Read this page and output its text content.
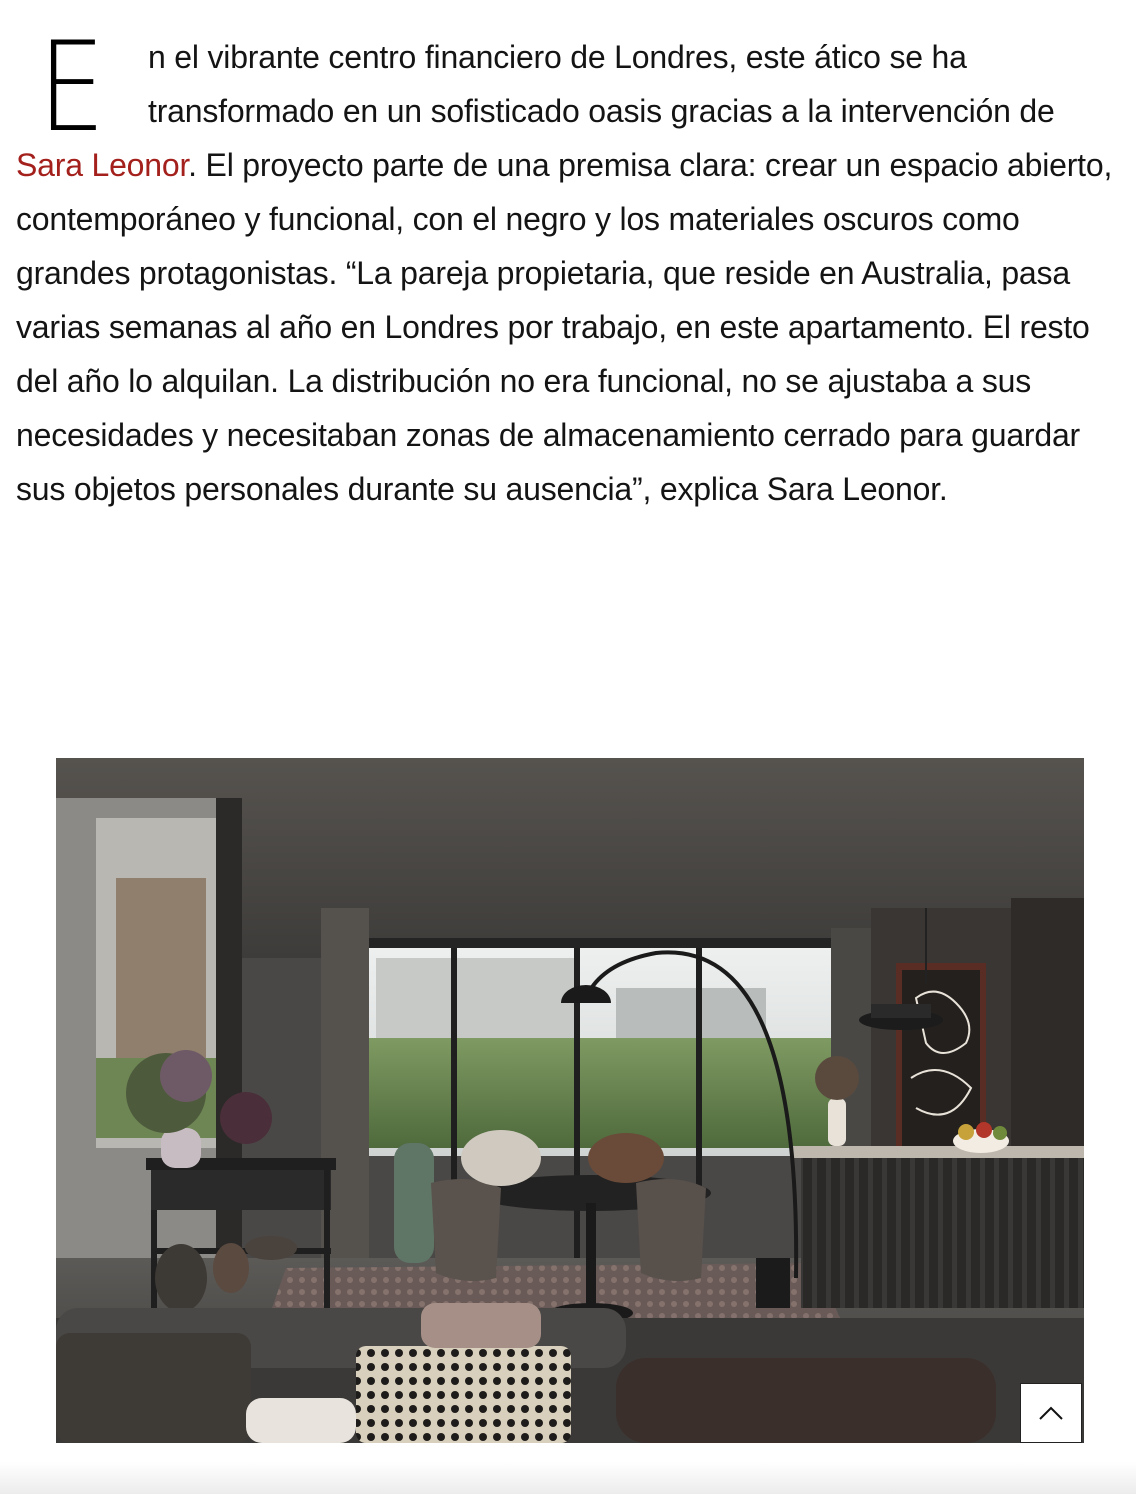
E	n el vibrante centro financiero de Londres, este ático se ha transformado en un sofisticado oasis gracias a la intervención de Sara Leonor. El proyecto parte de una premisa clara: crear un espacio abierto, contemporáneo y funcional, con el negro y los materiales oscuros como grandes protagonistas. “La pareja propietaria, que reside en Australia, pasa varias semanas al año en Londres por trabajo, en este apartamento. El resto del año lo alquilan. La distribución no era funcional, no se ajustaba a sus necesidades y necesitaban zonas de almacenamiento cerrado para guardar sus objetos personales durante su ausencia”, explica Sara Leonor.
